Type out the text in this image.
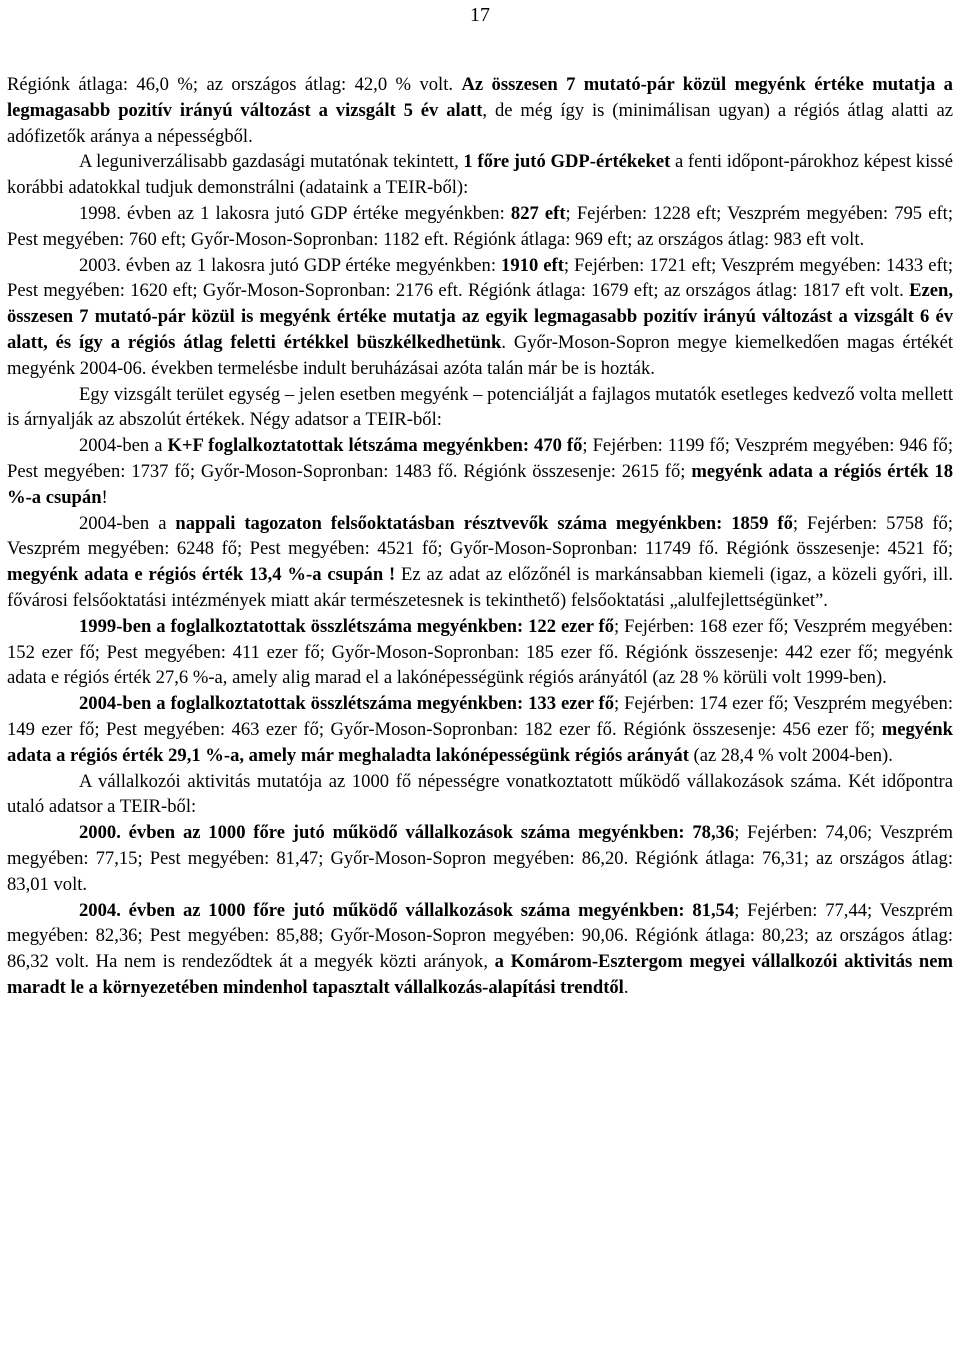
17

Régiónk átlaga: 46,0 %; az országos átlag: 42,0 % volt. Az összesen 7 mutató-pár közül megyénk értéke mutatja a legmagasabb pozitív irányú változást a vizsgált 5 év alatt, de még így is (minimálisan ugyan) a régiós átlag alatti az adófizetők aránya a népességből.

A leguniverzálisabb gazdasági mutatónak tekintett, 1 főre jutó GDP-értékeket a fenti időpont-párokhoz képest kissé korábbi adatokkal tudjuk demonstrálni (adataink a TEIR-ből):

1998. évben az 1 lakosra jutó GDP értéke megyénkben: 827 eft; Fejérben: 1228 eft; Veszprém megyében: 795 eft; Pest megyében: 760 eft; Győr-Moson-Sopronban: 1182 eft. Régiónk átlaga: 969 eft; az országos átlag: 983 eft volt.

2003. évben az 1 lakosra jutó GDP értéke megyénkben: 1910 eft; Fejérben: 1721 eft; Veszprém megyében: 1433 eft; Pest megyében: 1620 eft; Győr-Moson-Sopronban: 2176 eft. Régiónk átlaga: 1679 eft; az országos átlag: 1817 eft volt. Ezen, összesen 7 mutató-pár közül is megyénk értéke mutatja az egyik legmagasabb pozitív irányú változást a vizsgált 6 év alatt, és így a régiós átlag feletti értékkel büszkélkedhetünk. Győr-Moson-Sopron megye kiemelkedően magas értékét megyénk 2004-06. években termelésbe indult beruházásai azóta talán már be is hozták.

Egy vizsgált terület egység – jelen esetben megyénk – potenciálját a fajlagos mutatók esetleges kedvező volta mellett is árnyalják az abszolút értékek. Négy adatsor a TEIR-ből:

2004-ben a K+F foglalkoztatottak létszáma megyénkben: 470 fő; Fejérben: 1199 fő; Veszprém megyében: 946 fő; Pest megyében: 1737 fő; Győr-Moson-Sopronban: 1483 fő. Régiónk összesenje: 2615 fő; megyénk adata a régiós érték 18 %-a csupán!

2004-ben a nappali tagozaton felsőoktatásban résztvevők száma megyénkben: 1859 fő; Fejérben: 5758 fő; Veszprém megyében: 6248 fő; Pest megyében: 4521 fő; Győr-Moson-Sopronban: 11749 fő. Régiónk összesenje: 4521 fő; megyénk adata e régiós érték 13,4 %-a csupán ! Ez az adat az előzőnél is markánsabban kiemeli (igaz, a közeli győri, ill. fővárosi felsőoktatási intézmények miatt akár természetesnek is tekinthető) felsőoktatási „alulfejlettségünket”.

1999-ben a foglalkoztatottak összlétszáma megyénkben: 122 ezer fő; Fejérben: 168 ezer fő; Veszprém megyében: 152 ezer fő; Pest megyében: 411 ezer fő; Győr-Moson-Sopronban: 185 ezer fő. Régiónk összesenje: 442 ezer fő; megyénk adata e régiós érték 27,6 %-a, amely alig marad el a lakónépességünk régiós arányától (az 28 % körüli volt 1999-ben).

2004-ben a foglalkoztatottak összlétszáma megyénkben: 133 ezer fő; Fejérben: 174 ezer fő; Veszprém megyében: 149 ezer fő; Pest megyében: 463 ezer fő; Győr-Moson-Sopronban: 182 ezer fő. Régiónk összesenje: 456 ezer fő; megyénk adata a régiós érték 29,1 %-a, amely már meghaladta lakónépességünk régiós arányát (az 28,4 % volt 2004-ben).

A vállalkozói aktivitás mutatója az 1000 fő népességre vonatkoztatott működő vállakozások száma. Két időpontra utaló adatsor a TEIR-ből:

2000. évben az 1000 főre jutó működő vállalkozások száma megyénkben: 78,36; Fejérben: 74,06; Veszprém megyében: 77,15; Pest megyében: 81,47; Győr-Moson-Sopron megyében: 86,20. Régiónk átlaga: 76,31; az országos átlag: 83,01 volt.

2004. évben az 1000 főre jutó működő vállalkozások száma megyénkben: 81,54; Fejérben: 77,44; Veszprém megyében: 82,36; Pest megyében: 85,88; Győr-Moson-Sopron megyében: 90,06. Régiónk átlaga: 80,23; az országos átlag: 86,32 volt. Ha nem is rendeződtek át a megyék közti arányok, a Komárom-Esztergom megyei vállalkozói aktivitás nem maradt le a környezetében mindenhol tapasztalt vállalkozás-alapítási trendtől.
